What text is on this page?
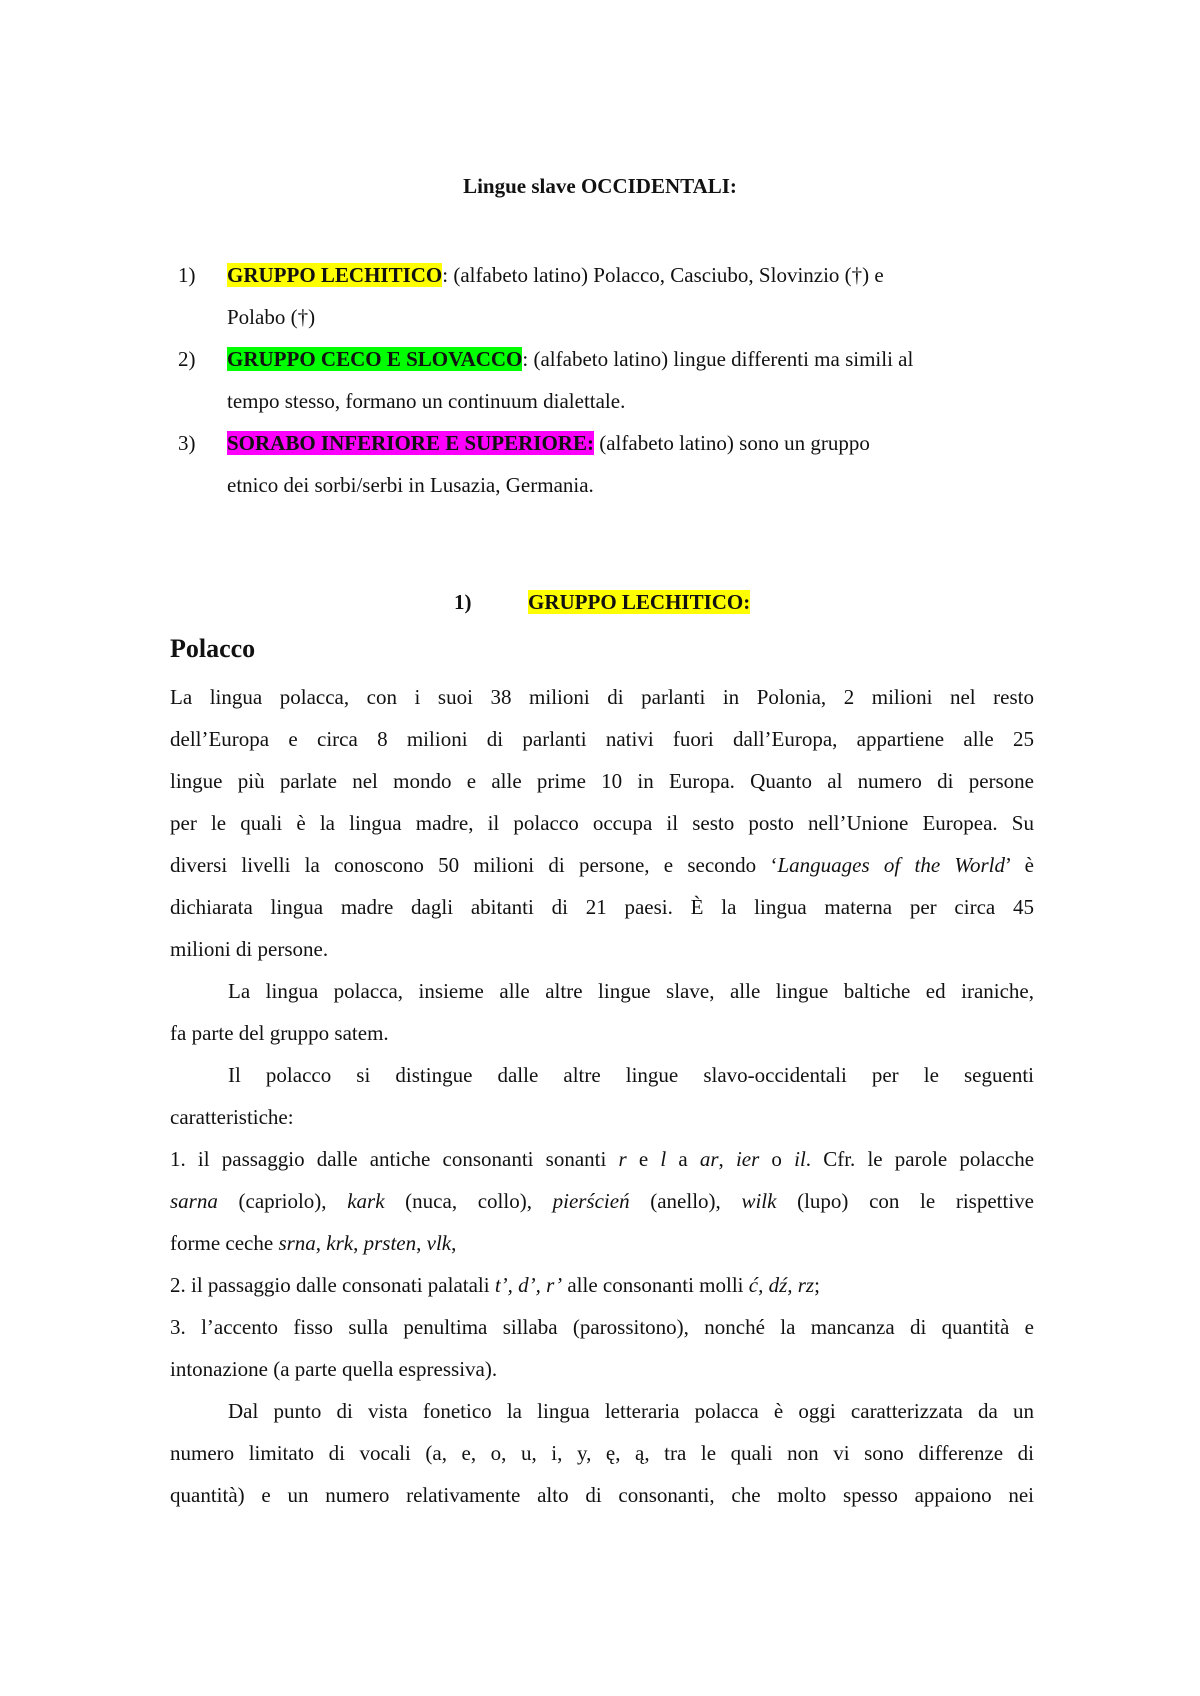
Lingue slave OCCIDENTALI:
1) GRUPPO LECHITICO: (alfabeto latino) Polacco, Casciubo, Slovinzio (†) e
Polabo (†)
2) GRUPPO CECO E SLOVACCO: (alfabeto latino) lingue differenti ma simili al
tempo stesso, formano un continuum dialettale.
3) SORABO INFERIORE E SUPERIORE: (alfabeto latino) sono un gruppo
etnico dei sorbi/serbi in Lusazia, Germania.
1)	GRUPPO LECHITICO:
Polacco

La lingua polacca, con i suoi 38 milioni di parlanti in Polonia, 2 milioni nel resto

dell’Europa e circa 8 milioni di parlanti nativi fuori dall’Europa, appartiene alle 25

lingue più parlate nel mondo e alle prime 10 in Europa. Quanto al numero di persone

per le quali è la lingua madre, il polacco occupa il sesto posto nell’Unione Europea. Su

diversi livelli la conoscono 50 milioni di persone, e secondo ‘Languages of the World’ è

dichiarata lingua madre dagli abitanti di 21 paesi. È la lingua materna per circa 45

milioni di persone.

La lingua polacca, insieme alle altre lingue slave, alle lingue baltiche ed iraniche,

fa parte del gruppo satem.

Il polacco si distingue dalle altre lingue slavo-occidentali per le seguenti

caratteristiche:

1. il passaggio dalle antiche consonanti sonanti r e l a ar, ier o il. Cfr. le parole polacche

sarna (capriolo), kark (nuca, collo), pierścień (anello), wilk (lupo) con le rispettive

forme ceche srna, krk, prsten, vlk,

2. il passaggio dalle consonati palatali t’, d’, r’ alle consonanti molli ć, dź, rz;

3. l’accento fisso sulla penultima sillaba (parossitono), nonché la mancanza di quantità e

intonazione (a parte quella espressiva).

Dal punto di vista fonetico la lingua letteraria polacca è oggi caratterizzata da un

numero limitato di vocali (a, e, o, u, i, y, ę, ą, tra le quali non vi sono differenze di

quantità) e un numero relativamente alto di consonanti, che molto spesso appaiono nei
